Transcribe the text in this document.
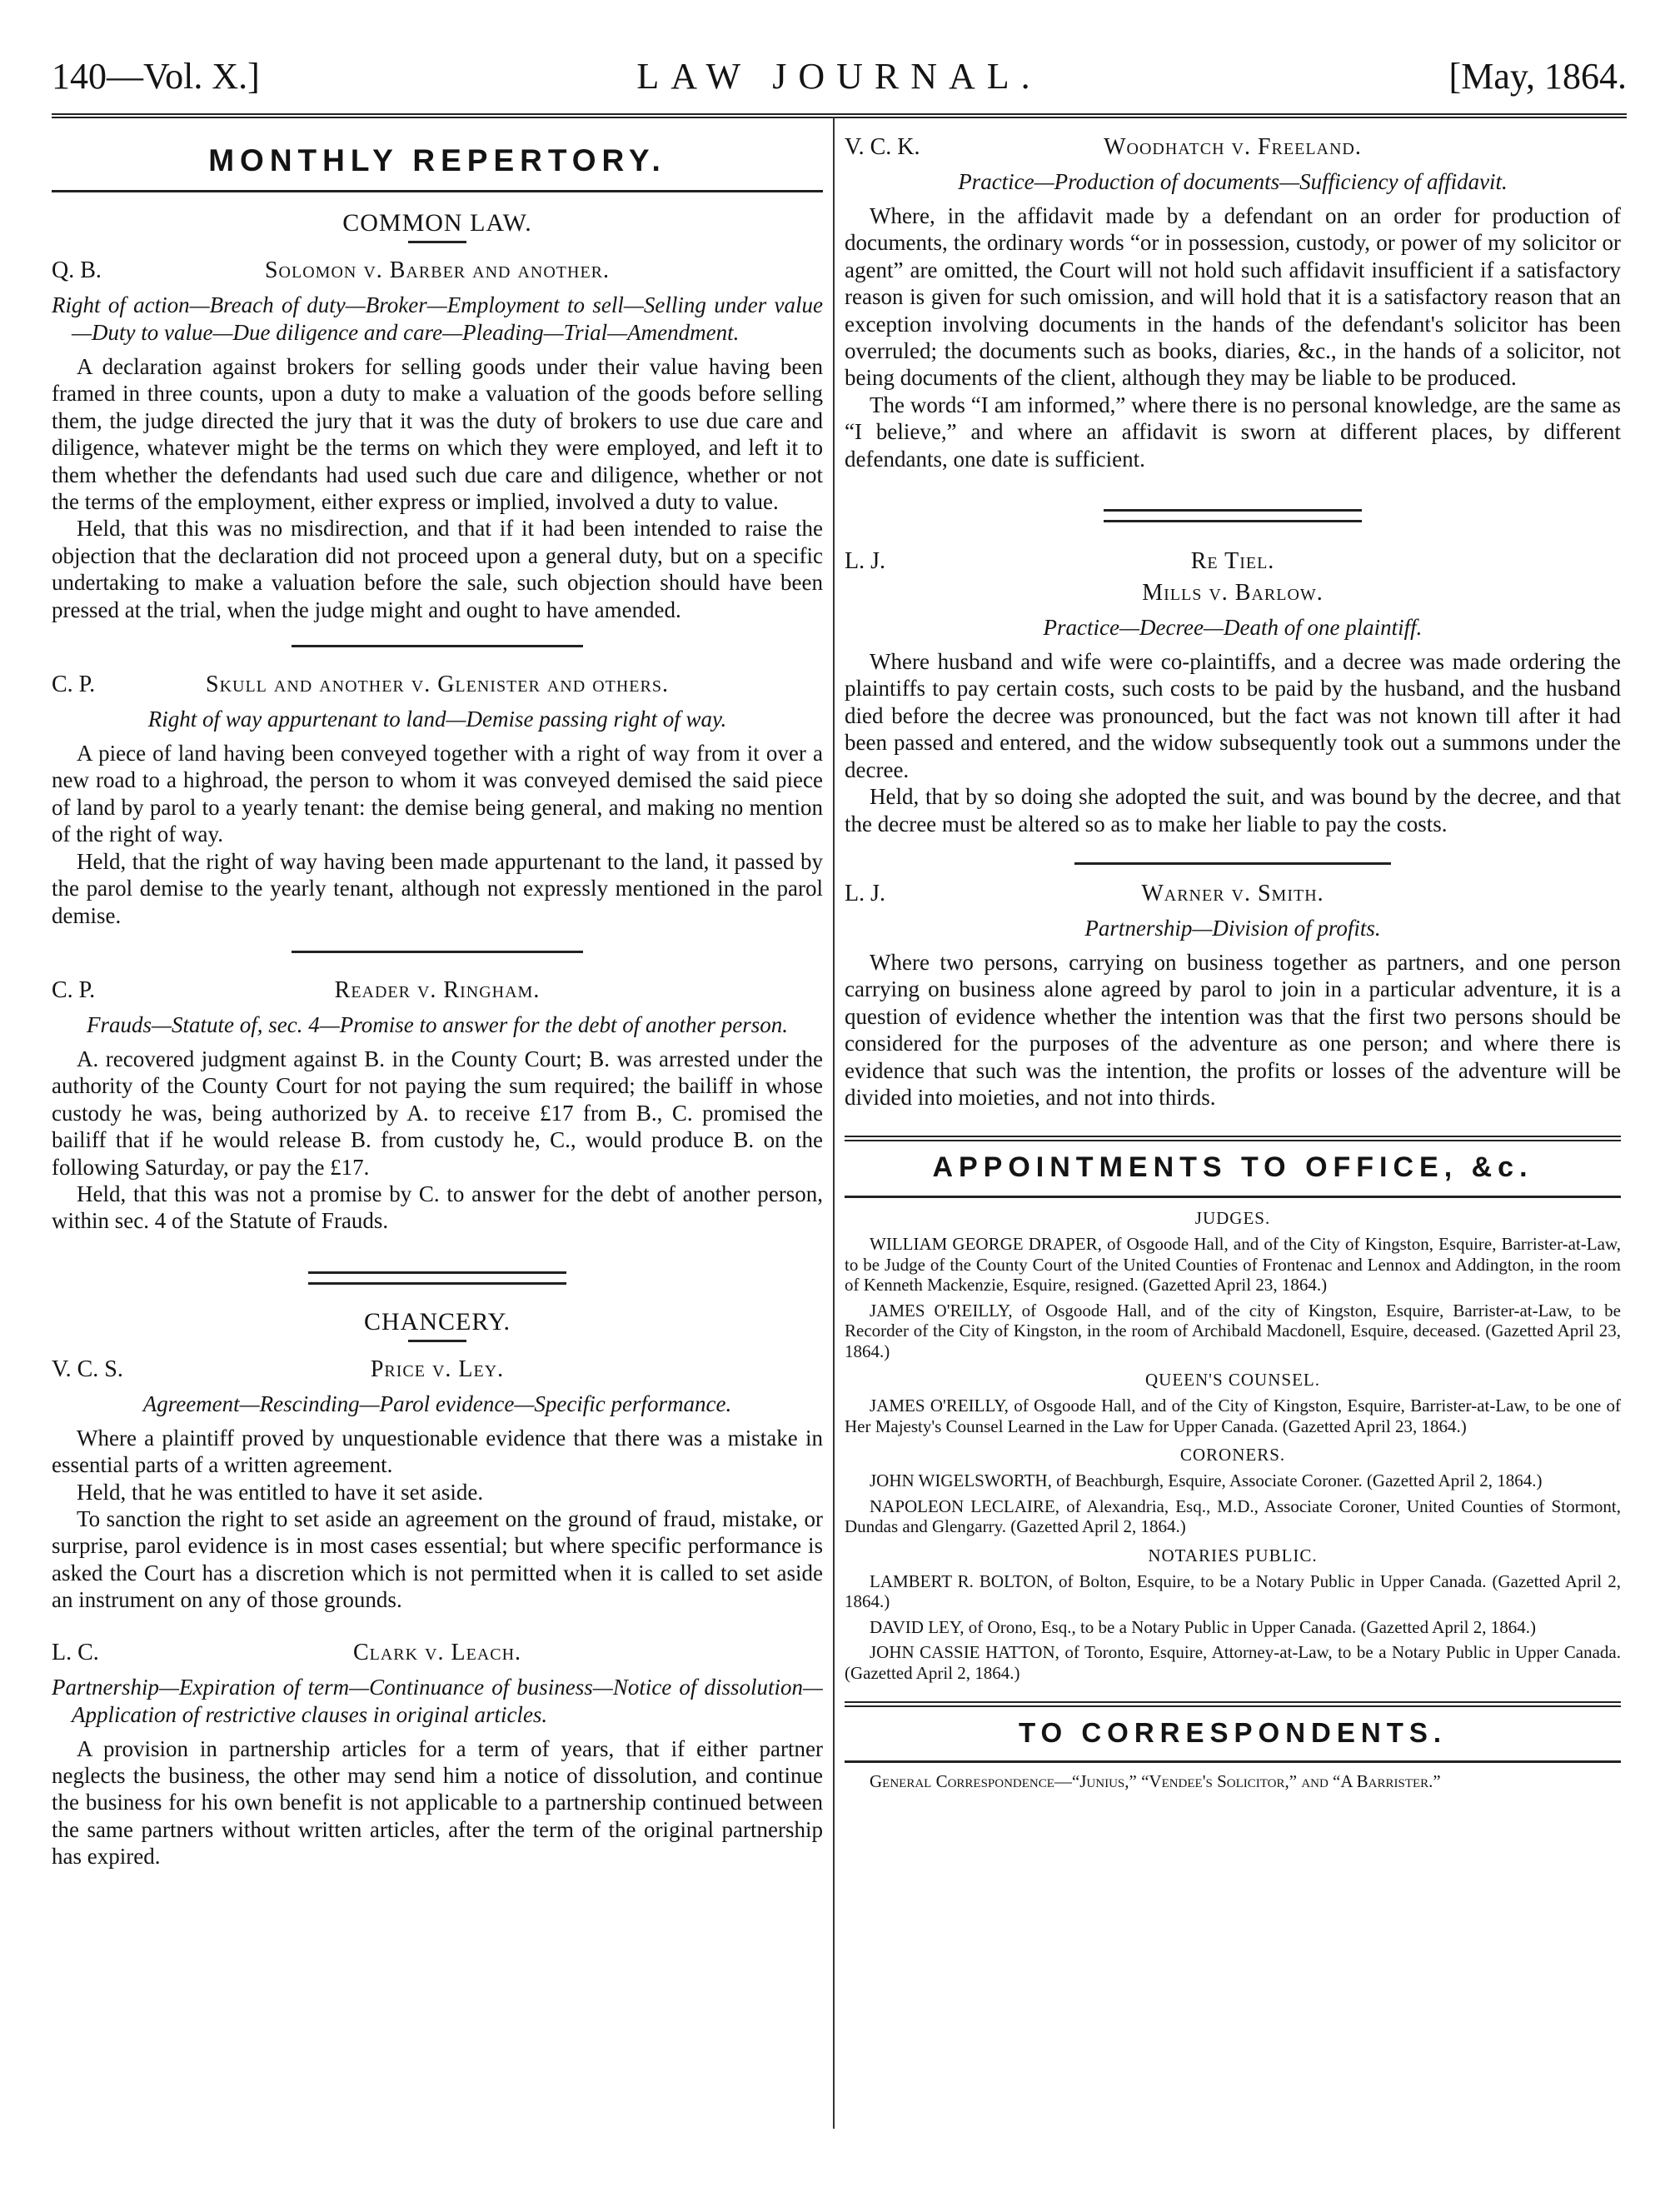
140—Vol. X.]	LAW JOURNAL.	[May, 1864.
MONTHLY REPERTORY.
COMMON LAW.
Q. B.	Solomon v. Barber and another.
Right of action—Breach of duty—Broker—Employment to sell—Selling under value—Duty to value—Due diligence and care—Pleading—Trial—Amendment.

A declaration against brokers for selling goods under their value having been framed in three counts, upon a duty to make a valuation of the goods before selling them, the judge directed the jury that it was the duty of brokers to use due care and diligence, whatever might be the terms on which they were employed, and left it to them whether the defendants had used such due care and diligence, whether or not the terms of the employment, either express or implied, involved a duty to value.

Held, that this was no misdirection, and that if it had been intended to raise the objection that the declaration did not proceed upon a general duty, but on a specific undertaking to make a valuation before the sale, such objection should have been pressed at the trial, when the judge might and ought to have amended.

C. P.	Skull and another v. Glenister and others.
Right of way appurtenant to land—Demise passing right of way.

A piece of land having been conveyed together with a right of way from it over a new road to a highroad, the person to whom it was conveyed demised the said piece of land by parol to a yearly tenant: the demise being general, and making no mention of the right of way.

Held, that the right of way having been made appurtenant to the land, it passed by the parol demise to the yearly tenant, although not expressly mentioned in the parol demise.

C. P.	Reader v. Ringham.
Frauds—Statute of, sec. 4—Promise to answer for the debt of another person.

A. recovered judgment against B. in the County Court; B. was arrested under the authority of the County Court for not paying the sum required; the bailiff in whose custody he was, being authorized by A. to receive £17 from B., C. promised the bailiff that if he would release B. from custody he, C., would produce B. on the following Saturday, or pay the £17.

Held, that this was not a promise by C. to answer for the debt of another person, within sec. 4 of the Statute of Frauds.

CHANCERY.
V. C. S.	Price v. Ley.
Agreement—Rescinding—Parol evidence—Specific performance.

Where a plaintiff proved by unquestionable evidence that there was a mistake in essential parts of a written agreement.

Held, that he was entitled to have it set aside.

To sanction the right to set aside an agreement on the ground of fraud, mistake, or surprise, parol evidence is in most cases essential; but where specific performance is asked the Court has a discretion which is not permitted when it is called to set aside an instrument on any of those grounds.

L. C.	Clark v. Leach.
Partnership—Expiration of term—Continuance of business—Notice of dissolution—Application of restrictive clauses in original articles.

A provision in partnership articles for a term of years, that if either partner neglects the business, the other may send him a notice of dissolution, and continue the business for his own benefit is not applicable to a partnership continued between the same partners without written articles, after the term of the original partnership has expired.

V. C. K.	Woodhatch v. Freeland.
Practice—Production of documents—Sufficiency of affidavit.

Where, in the affidavit made by a defendant on an order for production of documents, the ordinary words “or in possession, custody, or power of my solicitor or agent” are omitted, the Court will not hold such affidavit insufficient if a satisfactory reason is given for such omission, and will hold that it is a satisfactory reason that an exception involving documents in the hands of the defendant's solicitor has been overruled; the documents such as books, diaries, &c., in the hands of a solicitor, not being documents of the client, although they may be liable to be produced.

The words “I am informed,” where there is no personal knowledge, are the same as “I believe,” and where an affidavit is sworn at different places, by different defendants, one date is sufficient.

L. J.	Re Tiel.
Mills v. Barlow.
Practice—Decree—Death of one plaintiff.

Where husband and wife were co-plaintiffs, and a decree was made ordering the plaintiffs to pay certain costs, such costs to be paid by the husband, and the husband died before the decree was pronounced, but the fact was not known till after it had been passed and entered, and the widow subsequently took out a summons under the decree.

Held, that by so doing she adopted the suit, and was bound by the decree, and that the decree must be altered so as to make her liable to pay the costs.

L. J.	Warner v. Smith.
Partnership—Division of profits.

Where two persons, carrying on business together as partners, and one person carrying on business alone agreed by parol to join in a particular adventure, it is a question of evidence whether the intention was that the first two persons should be considered for the purposes of the adventure as one person; and where there is evidence that such was the intention, the profits or losses of the adventure will be divided into moieties, and not into thirds.

APPOINTMENTS TO OFFICE, &c.
JUDGES.

WILLIAM GEORGE DRAPER, of Osgoode Hall, and of the City of Kingston, Esquire, Barrister-at-Law, to be Judge of the County Court of the United Counties of Frontenac and Lennox and Addington, in the room of Kenneth Mackenzie, Esquire, resigned. (Gazetted April 23, 1864.)

JAMES O'REILLY, of Osgoode Hall, and of the city of Kingston, Esquire, Barrister-at-Law, to be Recorder of the City of Kingston, in the room of Archibald Macdonell, Esquire, deceased. (Gazetted April 23, 1864.)

QUEEN'S COUNSEL.

JAMES O'REILLY, of Osgoode Hall, and of the City of Kingston, Esquire, Barrister-at-Law, to be one of Her Majesty's Counsel Learned in the Law for Upper Canada. (Gazetted April 23, 1864.)

CORONERS.

JOHN WIGELSWORTH, of Beachburgh, Esquire, Associate Coroner. (Gazetted April 2, 1864.)

NAPOLEON LECLAIRE, of Alexandria, Esq., M.D., Associate Coroner, United Counties of Stormont, Dundas and Glengarry. (Gazetted April 2, 1864.)

NOTARIES PUBLIC.

LAMBERT R. BOLTON, of Bolton, Esquire, to be a Notary Public in Upper Canada. (Gazetted April 2, 1864.)

DAVID LEY, of Orono, Esq., to be a Notary Public in Upper Canada. (Gazetted April 2, 1864.)

JOHN CASSIE HATTON, of Toronto, Esquire, Attorney-at-Law, to be a Notary Public in Upper Canada. (Gazetted April 2, 1864.)

TO CORRESPONDENTS.

General Correspondence—“Junius,” “Vendee's Solicitor,” and “A Barrister.”
